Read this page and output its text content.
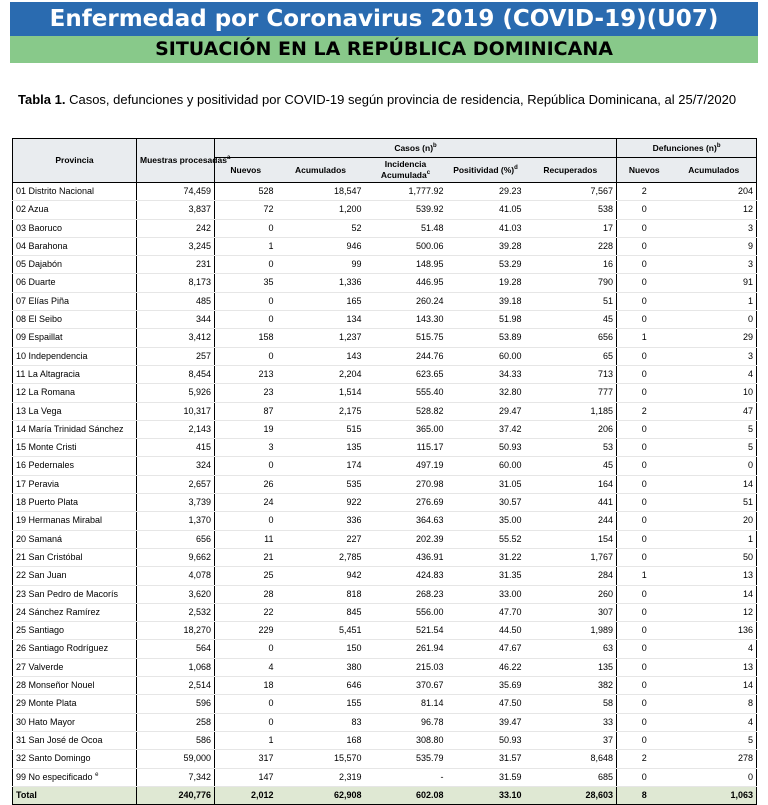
Enfermedad por Coronavirus 2019 (COVID-19)(U07)
SITUACIÓN EN LA REPÚBLICA DOMINICANA
Tabla 1. Casos, defunciones y positividad por COVID-19 según provincia de residencia, República Dominicana, al 25/7/2020
Provincia	Muestras procesadas$^a$	Casos $(n)^b$					Defunciones $(n)^b$
		Nuevos	Acumulados	Incidencia Acumulada$^c$	Positividad (%)$^d$	Recuperados	Nuevos	Acumulados
01 Distrito Nacional	74,459	528	18,547	1,777.92	29.23	7,567	2	204
02 Azua	3,837	72	1,200	539.92	41.05	538	0	12
03 Baoruco	242	0	52	51.48	41.03	17	0	3
04 Barahona	3,245	1	946	500.06	39.28	228	0	9
05 Dajabón	231	0	99	148.95	53.29	16	0	3
06 Duarte	8,173	35	1,336	446.95	19.28	790	0	91
07 Elías Piña	485	0	165	260.24	39.18	51	0	1
08 El Seibo	344	0	134	143.30	51.98	45	0	0
09 Espaillat	3,412	158	1,237	515.75	53.89	656	1	29
10 Independencia	257	0	143	244.76	60.00	65	0	3
11 La Altagracia	8,454	213	2,204	623.65	34.33	713	0	4
12 La Romana	5,926	23	1,514	555.40	32.80	777	0	10
13 La Vega	10,317	87	2,175	528.82	29.47	1,185	2	47
14 María Trinidad Sánchez	2,143	19	515	365.00	37.42	206	0	5
15 Monte Cristi	415	3	135	115.17	50.93	53	0	5
16 Pedernales	324	0	174	497.19	60.00	45	0	0
17 Peravia	2,657	26	535	270.98	31.05	164	0	14
18 Puerto Plata	3,739	24	922	276.69	30.57	441	0	51
19 Hermanas Mirabal	1,370	0	336	364.63	35.00	244	0	20
20 Samaná	656	11	227	202.39	55.52	154	0	1
21 San Cristóbal	9,662	21	2,785	436.91	31.22	1,767	0	50
22 San Juan	4,078	25	942	424.83	31.35	284	1	13
23 San Pedro de Macorís	3,620	28	818	268.23	33.00	260	0	14
24 Sánchez Ramírez	2,532	22	845	556.00	47.70	307	0	12
25 Santiago	18,270	229	5,451	521.54	44.50	1,989	0	136
26 Santiago Rodríguez	564	0	150	261.94	47.67	63	0	4
27 Valverde	1,068	4	380	215.03	46.22	135	0	13
28 Monseñor Nouel	2,514	18	646	370.67	35.69	382	0	14
29 Monte Plata	596	0	155	81.14	47.50	58	0	8
30 Hato Mayor	258	0	83	96.78	39.47	33	0	4
31 San José de Ocoa	586	1	168	308.80	50.93	37	0	5
32 Santo Domingo	59,000	317	15,570	535.79	31.57	8,648	2	278
99 No especificado $^e$	7,342	147	2,319	-	31.59	685	0	0
Total	240,776	2,012	62,908	602.08	33.10	28,603	8	1,063
